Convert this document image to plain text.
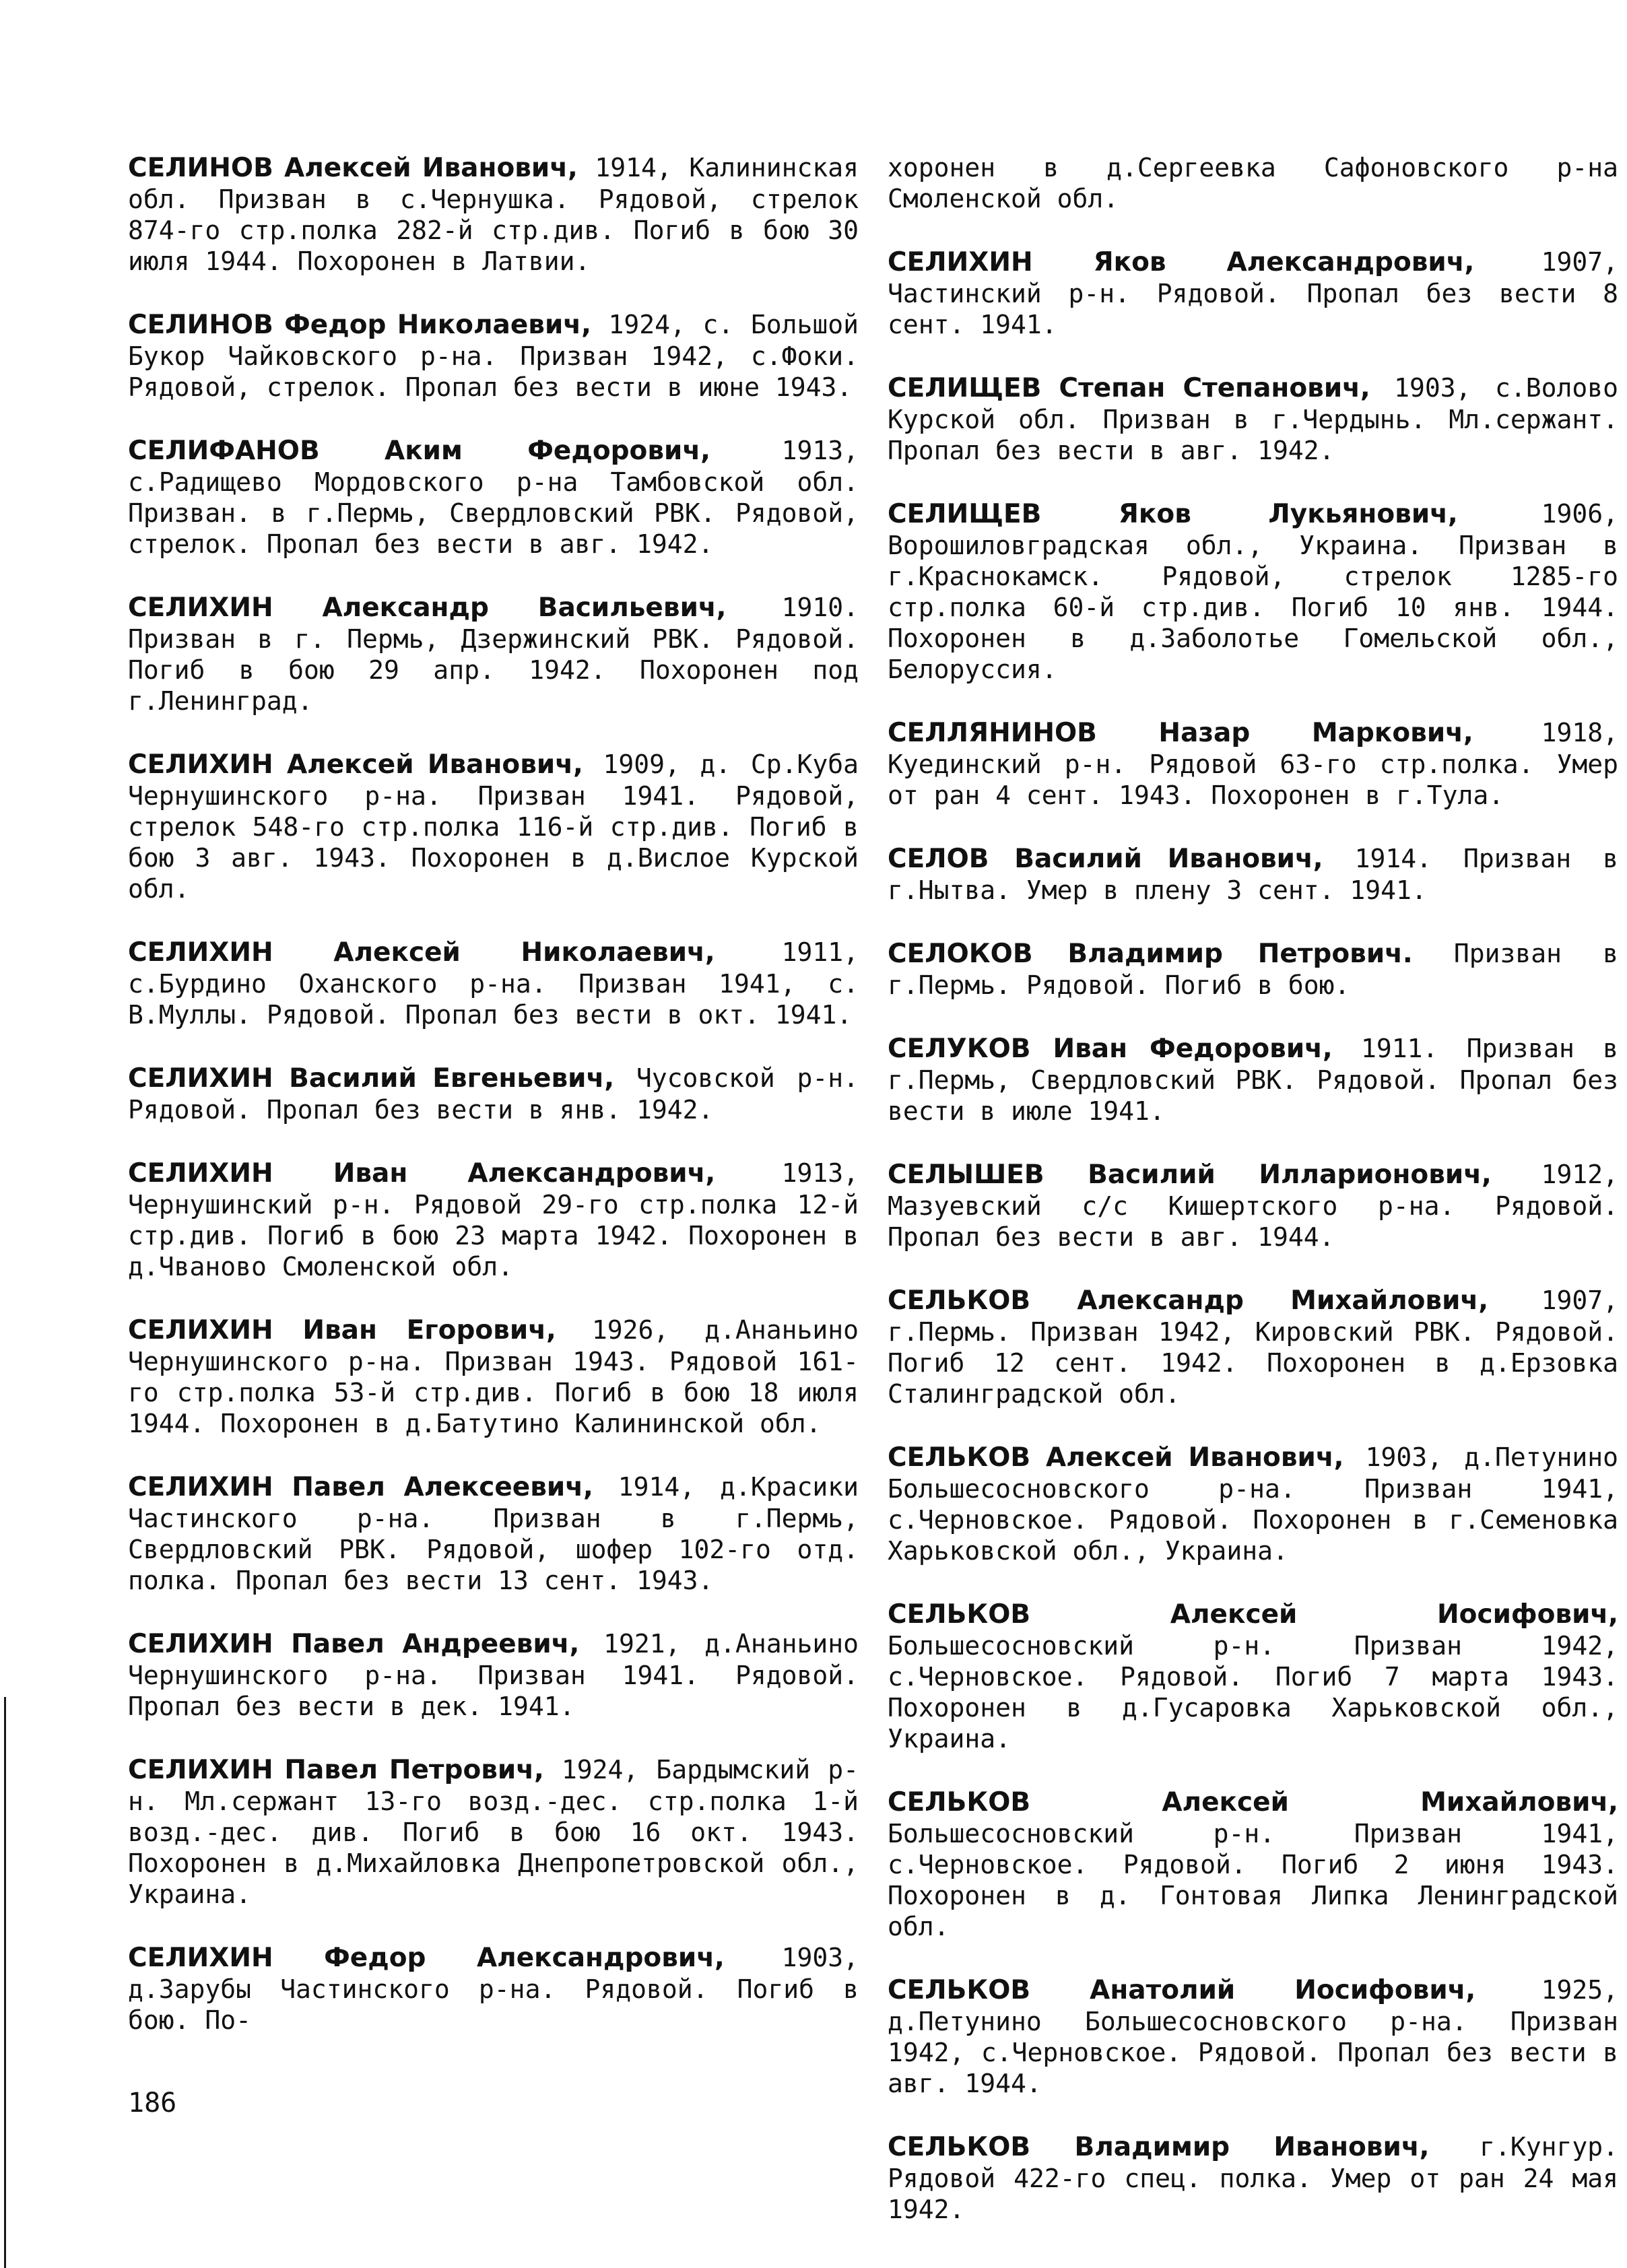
СЕЛИНОВ Алексей Иванович, 1914, Калининская обл. Призван в с.Чернушка. Рядовой, стрелок 874-го стр.полка 282-й стр.див. Погиб в бою 30 июля 1944. Похоронен в Латвии.
СЕЛИНОВ Федор Николаевич, 1924, с. Большой Букор Чайковского р-на. Призван 1942, с.Фоки. Рядовой, стрелок. Пропал без вести в июне 1943.
СЕЛИФАНОВ Аким Федорович,	1913, с.Радищево Мордовского р-на Тамбовской обл. Призван. в г.Пермь, Свердловский РВК. Рядовой, стрелок. Пропал без вести в авг. 1942.
СЕЛИХИН Александр Васильевич, 1910. Призван в г. Пермь, Дзержинский РВК. Рядовой. Погиб в бою 29 апр. 1942. Похоронен под г.Ленинград.
СЕЛИХИН Алексей Иванович, 1909, д. Ср.Куба Чернушинского р-на. Призван 1941. Рядовой, стрелок 548-го стр.полка 116-й стр.див. Погиб в бою 3 авг. 1943. Похоронен в д.Вислое Курской обл.
СЕЛИХИН Алексей Николаевич,	1911, с.Бурдино Оханского р-на. Призван 1941, с. В.Муллы. Рядовой. Пропал без вести в окт. 1941.
СЕЛИХИН Василий Евгеньевич, Чусовской р-н. Рядовой. Пропал без вести в янв. 1942.
СЕЛИХИН Иван Александрович,	1913, Чернушинский р-н. Рядовой 29-го стр.полка 12-й стр.див. Погиб в бою 23 марта 1942. Похоронен в д.Чваново Смоленской обл.
СЕЛИХИН Иван Егорович, 1926, д.Ананьино Чернушинского р-на. Призван 1943. Рядовой 161-го стр.полка 53-й стр.див. Погиб в бою 18 июля 1944. Похоронен в д.Батутино Калининской обл.
СЕЛИХИН Павел Алексеевич, 1914, д.Красики Частинского р-на. Призван в г.Пермь, Свердловский РВК. Рядовой, шофер 102-го отд. полка. Пропал без вести 13 сент. 1943.
СЕЛИХИН Павел Андреевич, 1921, д.Ананьино Чернушинского р-на. Призван 1941. Рядовой. Пропал без вести в дек. 1941.
СЕЛИХИН Павел Петрович, 1924, Бардымский р-н. Мл.сержант 13-го возд.-дес. стр.полка 1-й возд.-дес. див. Погиб в бою 16 окт. 1943. Похоронен в д.Михайловка Днепропетровской обл., Украина.
СЕЛИХИН Федор Александрович, 1903, д.Зарубы Частинского р-на. Рядовой. Погиб в бою. По-
хоронен в д.Сергеевка Сафоновского р-на Смоленской обл.
СЕЛИХИН Яков Александрович,	1907, Частинский р-н. Рядовой. Пропал без вести 8 сент. 1941.
СЕЛИЩЕВ Степан Степанович, 1903, с.Волово Курской обл. Призван в г.Чердынь. Мл.сержант. Пропал без вести в авг. 1942.
СЕЛИЩЕВ Яков Лукьянович,	1906, Ворошиловградская обл., Украина. Призван в г.Краснокамск. Рядовой, стрелок 1285-го стр.полка 60-й стр.див. Погиб 10 янв. 1944. Похоронен в д.Заболотье Гомельской обл., Белоруссия.
СЕЛЛЯНИНОВ Назар Маркович,	1918, Куединский р-н. Рядовой 63-го стр.полка. Умер от ран 4 сент. 1943. Похоронен в г.Тула.
СЕЛОВ Василий Иванович, 1914. Призван в г.Нытва. Умер в плену 3 сент. 1941.
СЕЛОКОВ Владимир Петрович. Призван в г.Пермь. Рядовой. Погиб в бою.
СЕЛУКОВ Иван Федорович, 1911. Призван в г.Пермь, Свердловский РВК. Рядовой. Пропал без вести в июле 1941.
СЕЛЫШЕВ Василий Илларионович, 1912, Мазуевский с/с Кишертского р-на. Рядовой. Пропал без вести в авг. 1944.
СЕЛЬКОВ Александр Михайлович, 1907, г.Пермь. Призван 1942, Кировский РВК. Рядовой. Погиб 12 сент. 1942. Похоронен в д.Ерзовка Сталинградской обл.
СЕЛЬКОВ Алексей Иванович, 1903, д.Петунино Большесосновского р-на. Призван 1941, с.Черновское. Рядовой. Похоронен в г.Семеновка Харьковской обл., Украина.
СЕЛЬКОВ Алексей Иосифович, Большесосновский р-н. Призван 1942, с.Черновское. Рядовой. Погиб 7 марта 1943. Похоронен в д.Гусаровка Харьковской обл., Украина.
СЕЛЬКОВ Алексей Михайлович, Большесосновский р-н. Призван 1941, с.Черновское. Рядовой. Погиб 2 июня 1943. Похоронен в д. Гонтовая Липка Ленинградской обл.
СЕЛЬКОВ Анатолий Иосифович,	1925, д.Петунино Большесосновского р-на. Призван 1942, с.Черновское. Рядовой. Пропал без вести в авг. 1944.
СЕЛЬКОВ Владимир Иванович, г.Кунгур. Рядовой 422-го спец. полка. Умер от ран 24 мая 1942.
186
